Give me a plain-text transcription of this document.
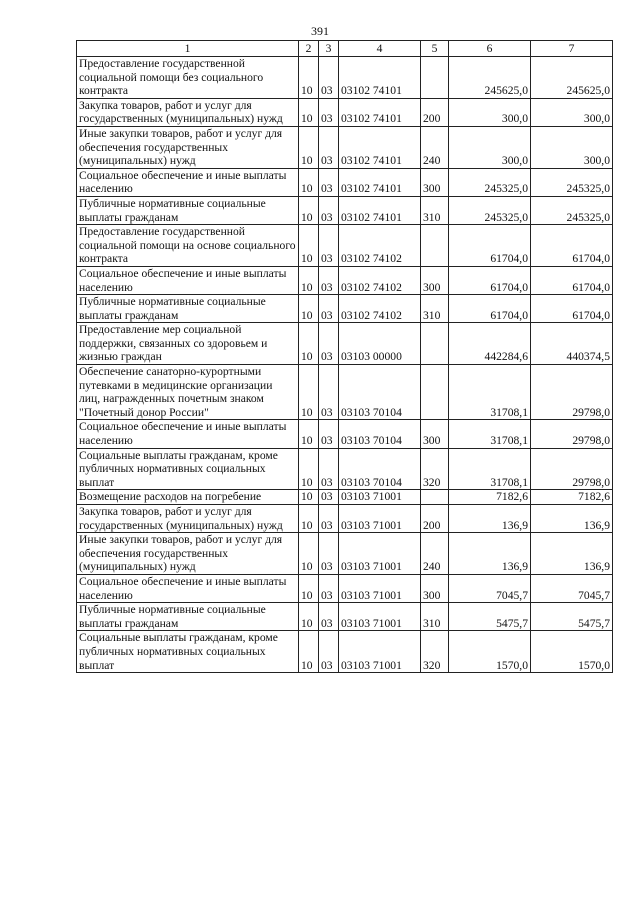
391
1	2	3	4	5	6	7
Предоставление государственной социальной помощи без социального контракта	10	03	03102 74101		245625,0	245625,0
Закупка товаров, работ и услуг для государственных (муниципальных) нужд	10	03	03102 74101	200	300,0	300,0
Иные закупки товаров, работ и услуг для обеспечения государственных (муниципальных) нужд	10	03	03102 74101	240	300,0	300,0
Социальное обеспечение и иные выплаты населению	10	03	03102 74101	300	245325,0	245325,0
Публичные нормативные социальные выплаты гражданам	10	03	03102 74101	310	245325,0	245325,0
Предоставление государственной социальной помощи на основе социального контракта	10	03	03102 74102		61704,0	61704,0
Социальное обеспечение и иные выплаты населению	10	03	03102 74102	300	61704,0	61704,0
Публичные нормативные социальные выплаты гражданам	10	03	03102 74102	310	61704,0	61704,0
Предоставление мер социальной поддержки, связанных со здоровьем и жизнью граждан	10	03	03103 00000		442284,6	440374,5
Обеспечение санаторно-курортными путевками в медицинские организации лиц, награжденных почетным знаком "Почетный донор России"	10	03	03103 70104		31708,1	29798,0
Социальное обеспечение и иные выплаты населению	10	03	03103 70104	300	31708,1	29798,0
Социальные выплаты гражданам, кроме публичных нормативных социальных выплат	10	03	03103 70104	320	31708,1	29798,0
Возмещение расходов на погребение	10	03	03103 71001		7182,6	7182,6
Закупка товаров, работ и услуг для государственных (муниципальных) нужд	10	03	03103 71001	200	136,9	136,9
Иные закупки товаров, работ и услуг для обеспечения государственных (муниципальных) нужд	10	03	03103 71001	240	136,9	136,9
Социальное обеспечение и иные выплаты населению	10	03	03103 71001	300	7045,7	7045,7
Публичные нормативные социальные выплаты гражданам	10	03	03103 71001	310	5475,7	5475,7
Социальные выплаты гражданам, кроме публичных нормативных социальных выплат	10	03	03103 71001	320	1570,0	1570,0
